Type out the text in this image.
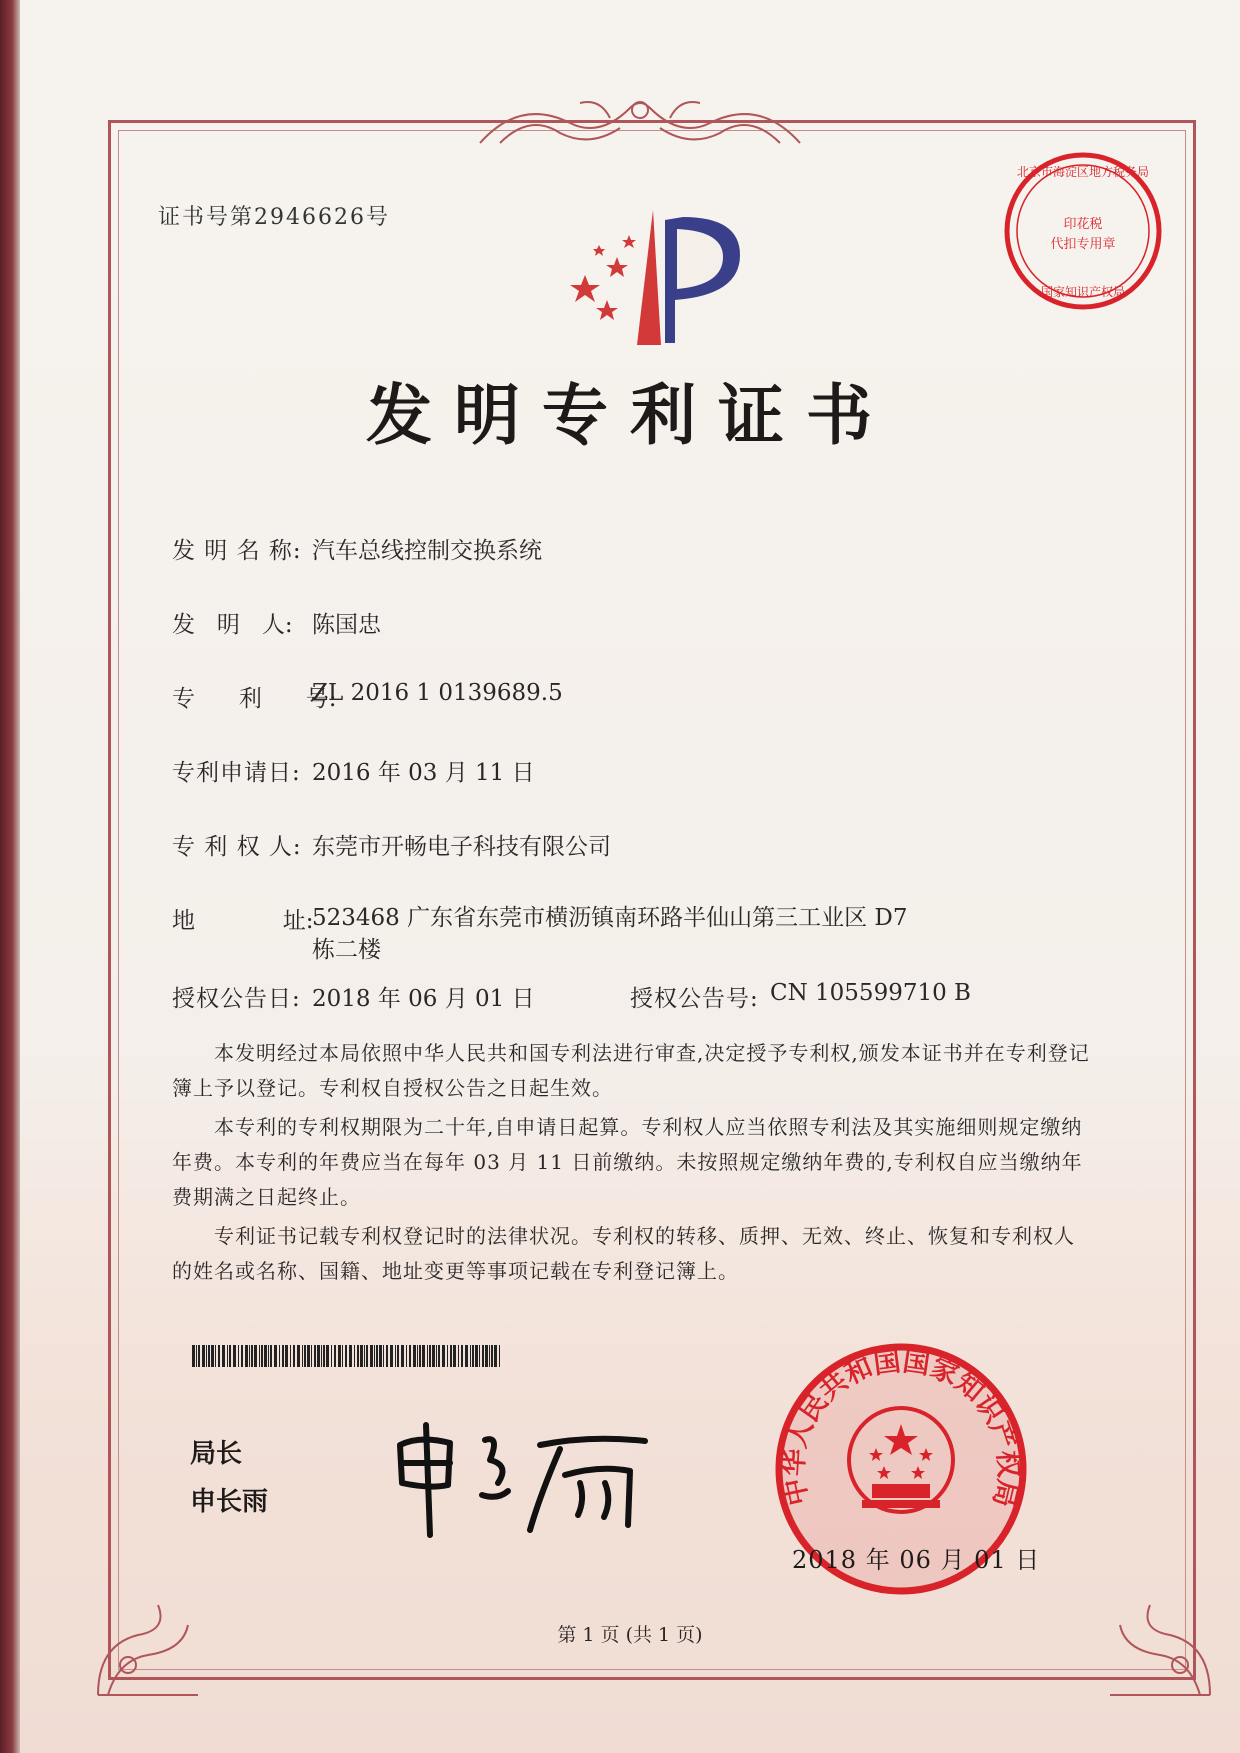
证书号第2946626号
北京市海淀区地方税务局
国家知识产权局
印花税
代扣专用章
发明专利证书
发 明 名 称: 汽车总线控制交换系统
发   明   人: 陈国忠
专      利      号:ZL 2016 1 0139689.5
专利申请日: 2016 年 03 月 11 日
专 利 权 人: 东莞市开畅电子科技有限公司
地            址:523468 广东省东莞市横沥镇南环路半仙山第三工业区 D7 栋二楼
授权公告日: 2018 年 06 月 01 日	授权公告号: CN 105599710 B

本发明经过本局依照中华人民共和国专利法进行审查,决定授予专利权,颁发本证书并在专利登记簿上予以登记。专利权自授权公告之日起生效。

本专利的专利权期限为二十年,自申请日起算。专利权人应当依照专利法及其实施细则规定缴纳年费。本专利的年费应当在每年 03 月 11 日前缴纳。未按照规定缴纳年费的,专利权自应当缴纳年费期满之日起终止。

专利证书记载专利权登记时的法律状况。专利权的转移、质押、无效、终止、恢复和专利权人的姓名或名称、国籍、地址变更等事项记载在专利登记簿上。

局长
申长雨	中华人民共和国国家知识产权局
2018 年 06 月 01 日
第 1 页 (共 1 页)
